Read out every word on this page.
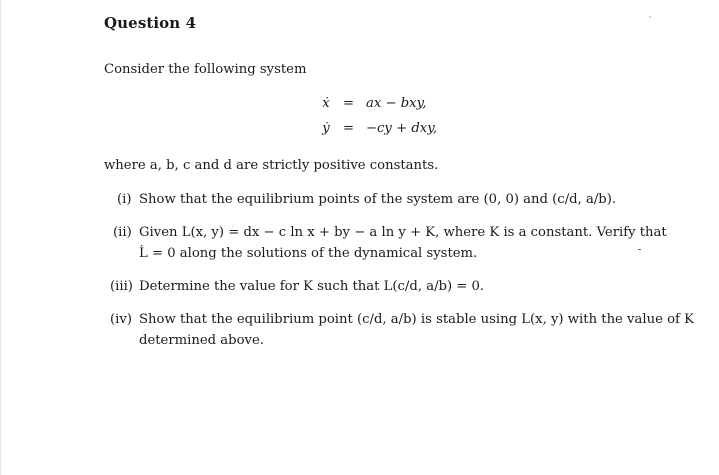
Question 4
Consider the following system
ẋ = ax − bxy,
ẏ = −cy + dxy,
where a, b, c and d are strictly positive constants.
(i) Show that the equilibrium points of the system are (0, 0) and (c/d, a/b).
(ii) Given L(x, y) = dx − c ln x + by − a ln y + K, where K is a constant. Verify that
L̇ = 0 along the solutions of the dynamical system.
(iii) Determine the value for K such that L(c/d, a/b) = 0.
(iv) Show that the equilibrium point (c/d, a/b) is stable using L(x, y) with the value of K
determined above.
